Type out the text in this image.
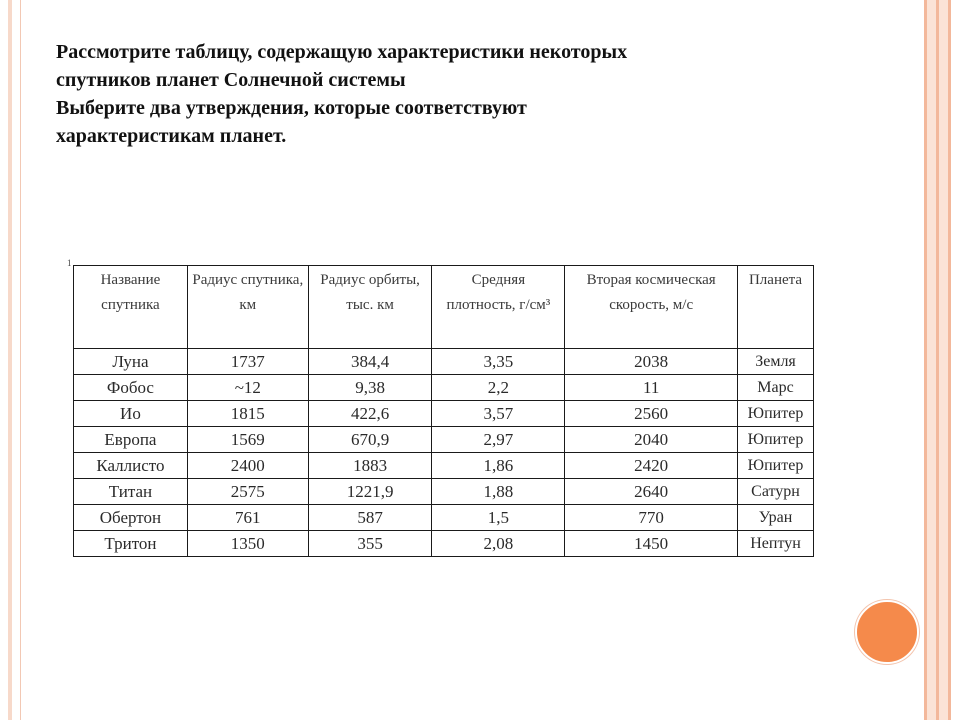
Рассмотрите таблицу, содержащую характеристики некоторых
спутников планет Солнечной системы
Выберите два утверждения, которые соответствуют
характеристикам планет.
1
Название спутника	Радиус спутника, км	Радиус орбиты, тыс. км	Средняя плотность, г/см³	Вторая космическая скорость, м/с	Планета
Луна	1737	384,4	3,35	2038	Земля
Фобос	~12	9,38	2,2	11	Марс
Ио	1815	422,6	3,57	2560	Юпитер
Европа	1569	670,9	2,97	2040	Юпитер
Каллисто	2400	1883	1,86	2420	Юпитер
Титан	2575	1221,9	1,88	2640	Сатурн
Обертон	761	587	1,5	770	Уран
Тритон	1350	355	2,08	1450	Нептун
